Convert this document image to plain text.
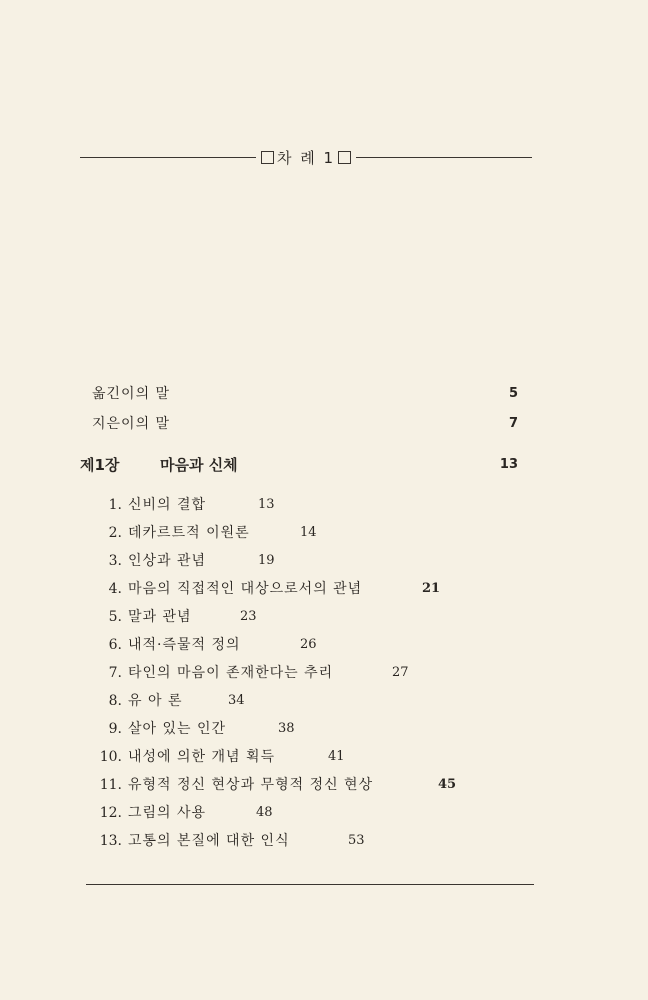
차 례 1
옮긴이의 말	5
지은이의 말	7
제1장	마음과 신체	13
1. 신비의 결합	13
2. 데카르트적 이원론	14
3. 인상과 관념	19
4. 마음의 직접적인 대상으로서의 관념	21
5. 말과 관념	23
6. 내적·즉물적 정의	26
7. 타인의 마음이 존재한다는 추리	27
8. 유 아 론	34
9. 살아 있는 인간	38
10. 내성에 의한 개념 획득	41
11. 유형적 정신 현상과 무형적 정신 현상	45
12. 그림의 사용	48
13. 고통의 본질에 대한 인식	53
